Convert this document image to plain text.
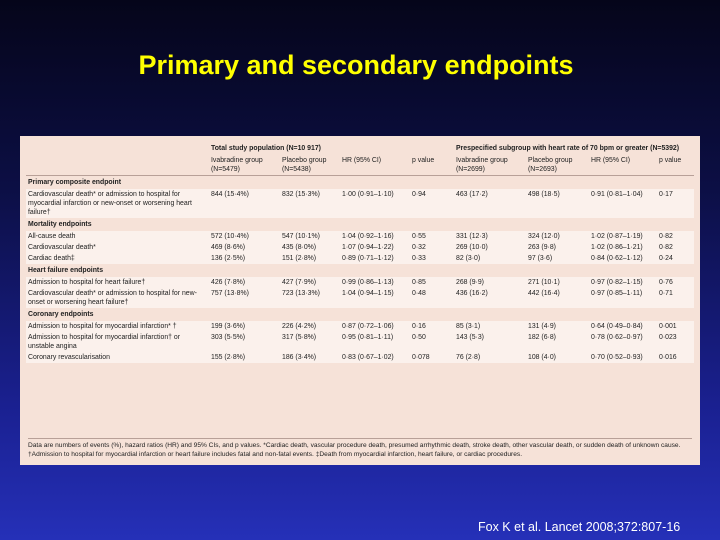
Primary and secondary endpoints
	Total study population (N=10 917)				Prespecified subgroup with heart rate of 70 bpm or greater (N=5392)			
	Ivabradine group (N=5479)	Placebo group (N=5438)	HR (95% CI)	p value	Ivabradine group (N=2699)	Placebo group (N=2693)	HR (95% CI)	p value
Primary composite endpoint								
Cardiovascular death* or admission to hospital for myocardial infarction or new-onset or worsening heart failure†	844 (15·4%)	832 (15·3%)	1·00 (0·91–1·10)	0·94	463 (17·2)	498 (18·5)	0·91 (0·81–1·04)	0·17
Mortality endpoints								
All-cause death	572 (10·4%)	547 (10·1%)	1·04 (0·92–1·16)	0·55	331 (12·3)	324 (12·0)	1·02 (0·87–1·19)	0·82
Cardiovascular death*	469 (8·6%)	435 (8·0%)	1·07 (0·94–1·22)	0·32	269 (10·0)	263 (9·8)	1·02 (0·86–1·21)	0·82
Cardiac death‡	136 (2·5%)	151 (2·8%)	0·89 (0·71–1·12)	0·33	82 (3·0)	97 (3·6)	0·84 (0·62–1·12)	0·24
Heart failure endpoints								
Admission to hospital for heart failure†	426 (7·8%)	427 (7·9%)	0·99 (0·86–1·13)	0·85	268 (9·9)	271 (10·1)	0·97 (0·82–1·15)	0·76
Cardiovascular death* or admission to hospital for new-onset or worsening heart failure†	757 (13·8%)	723 (13·3%)	1·04 (0·94–1·15)	0·48	436 (16·2)	442 (16·4)	0·97 (0·85–1·11)	0·71
Coronary endpoints								
Admission to hospital for myocardial infarction* †	199 (3·6%)	226 (4·2%)	0·87 (0·72–1·06)	0·16	85 (3·1)	131 (4·9)	0·64 (0·49–0·84)	0·001
Admission to hospital for myocardial infarction† or unstable angina	303 (5·5%)	317 (5·8%)	0·95 (0·81–1·11)	0·50	143 (5·3)	182 (6·8)	0·78 (0·62–0·97)	0·023
Coronary revascularisation	155 (2·8%)	186 (3·4%)	0·83 (0·67–1·02)	0·078	76 (2·8)	108 (4·0)	0·70 (0·52–0·93)	0·016
Data are numbers of events (%), hazard ratios (HR) and 95% CIs, and p values. *Cardiac death, vascular procedure death, presumed arrhythmic death, stroke death, other vascular death, or sudden death of unknown cause. †Admission to hospital for myocardial infarction or heart failure includes fatal and non-fatal events. ‡Death from myocardial infarction, heart failure, or cardiac procedures.
Fox K et al. Lancet 2008;372:807-16
